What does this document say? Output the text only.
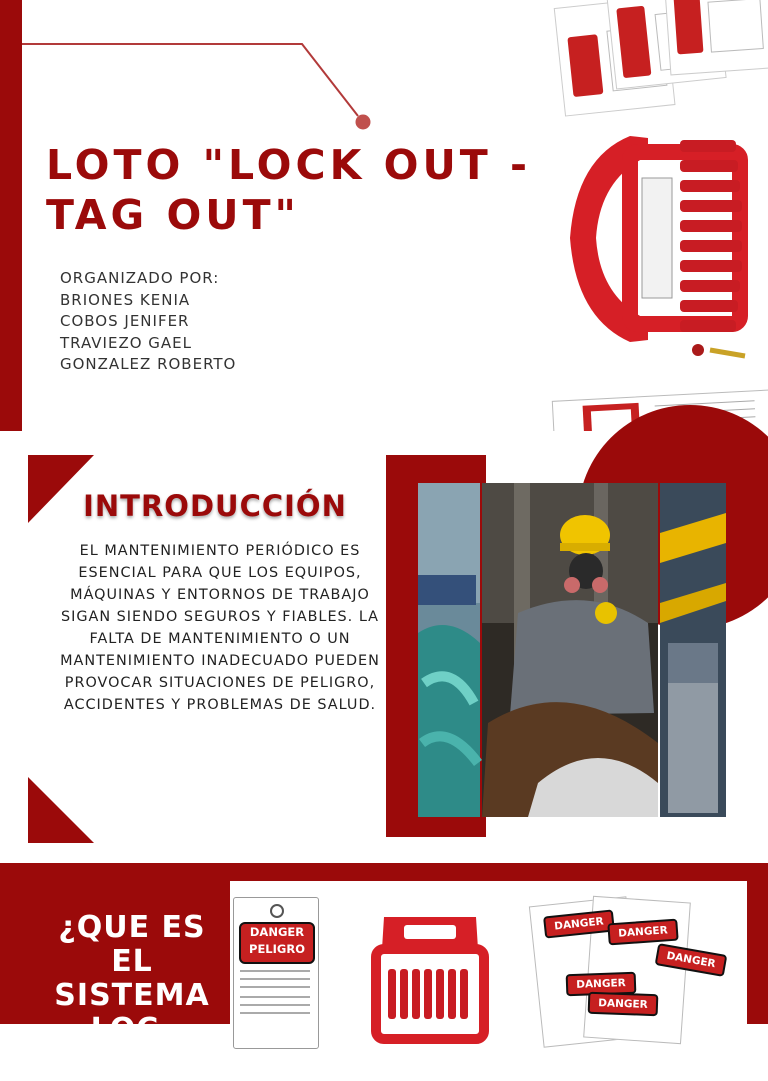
LOTO "LOCK OUT - TAG OUT"
ORGANIZADO POR:
BRIONES KENIA
COBOS JENIFER
TRAVIEZO GAEL
GONZALEZ ROBERTO
INTRODUCCIÓN
EL MANTENIMIENTO PERIÓDICO ES ESENCIAL PARA QUE LOS EQUIPOS, MÁQUINAS Y ENTORNOS DE TRABAJO SIGAN SIENDO SEGUROS Y FIABLES. LA FALTA DE MANTENIMIENTO O UN MANTENIMIENTO INADECUADO PUEDEN PROVOCAR SITUACIONES DE PELIGRO, ACCIDENTES Y PROBLEMAS DE SALUD.
¿QUE ES EL SISTEMA LOC-OUT/TAG
DANGER
PELIGRO
DANGER	DANGER
DANGER
DANGER
DANGER
